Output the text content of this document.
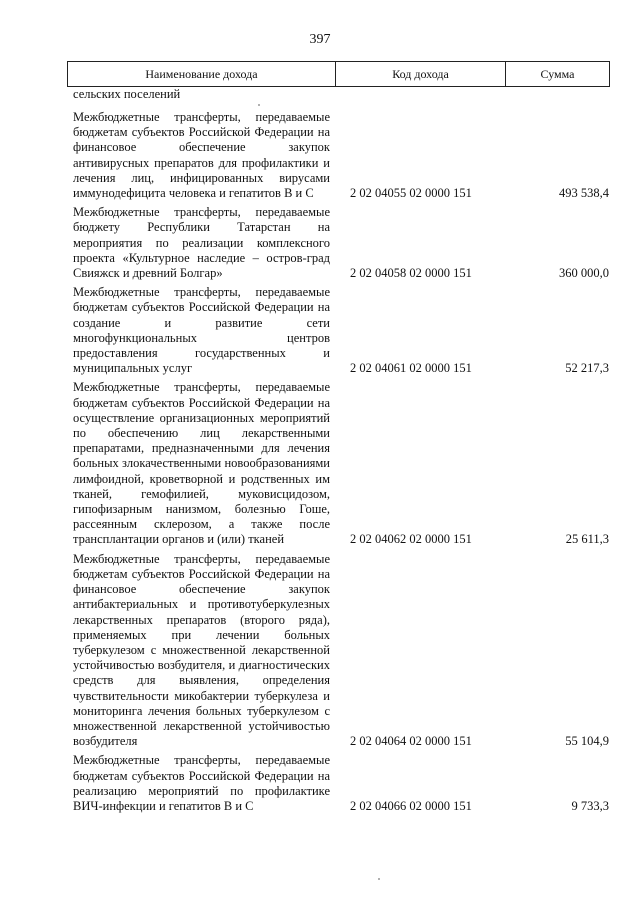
397
Наименование дохода	Код дохода	Сумма
сельских поселений
Межбюджетные трансферты, передаваемые бюджетам субъектов Российской Федерации на финансовое обеспечение закупок антивирусных препаратов для профилактики и лечения лиц, инфицированных вирусами иммунодефицита человека и гепатитов B и C	2 02 04055 02 0000 151	493 538,4
Межбюджетные трансферты, передаваемые бюджету Республики Татарстан на мероприятия по реализации комплексного проекта «Культурное наследие – остров-град Свияжск и древний Болгар»	2 02 04058 02 0000 151	360 000,0
Межбюджетные трансферты, передаваемые бюджетам субъектов Российской Федерации на создание и развитие сети многофункциональных центров предоставления государственных и муниципальных услуг	2 02 04061 02 0000 151	52 217,3
Межбюджетные трансферты, передаваемые бюджетам субъектов Российской Федерации на осуществление организационных мероприятий по обеспечению лиц лекарственными препаратами, предназначенными для лечения больных злокачественными новообразованиями лимфоидной, кроветворной и родственных им тканей, гемофилией, муковисцидозом, гипофизарным нанизмом, болезнью Гоше, рассеянным склерозом, а также после трансплантации органов и (или) тканей	2 02 04062 02 0000 151	25 611,3
Межбюджетные трансферты, передаваемые бюджетам субъектов Российской Федерации на финансовое обеспечение закупок антибактериальных и противотуберкулезных лекарственных препаратов (второго ряда), применяемых при лечении больных туберкулезом с множественной лекарственной устойчивостью возбудителя, и диагностических средств для выявления, определения чувствительности микобактерии туберкулеза и мониторинга лечения больных туберкулезом с множественной лекарственной устойчивостью возбудителя	2 02 04064 02 0000 151	55 104,9
Межбюджетные трансферты, передаваемые бюджетам субъектов Российской Федерации на реализацию мероприятий по профилактике ВИЧ-инфекции и гепатитов B и C	2 02 04066 02 0000 151	9 733,3
